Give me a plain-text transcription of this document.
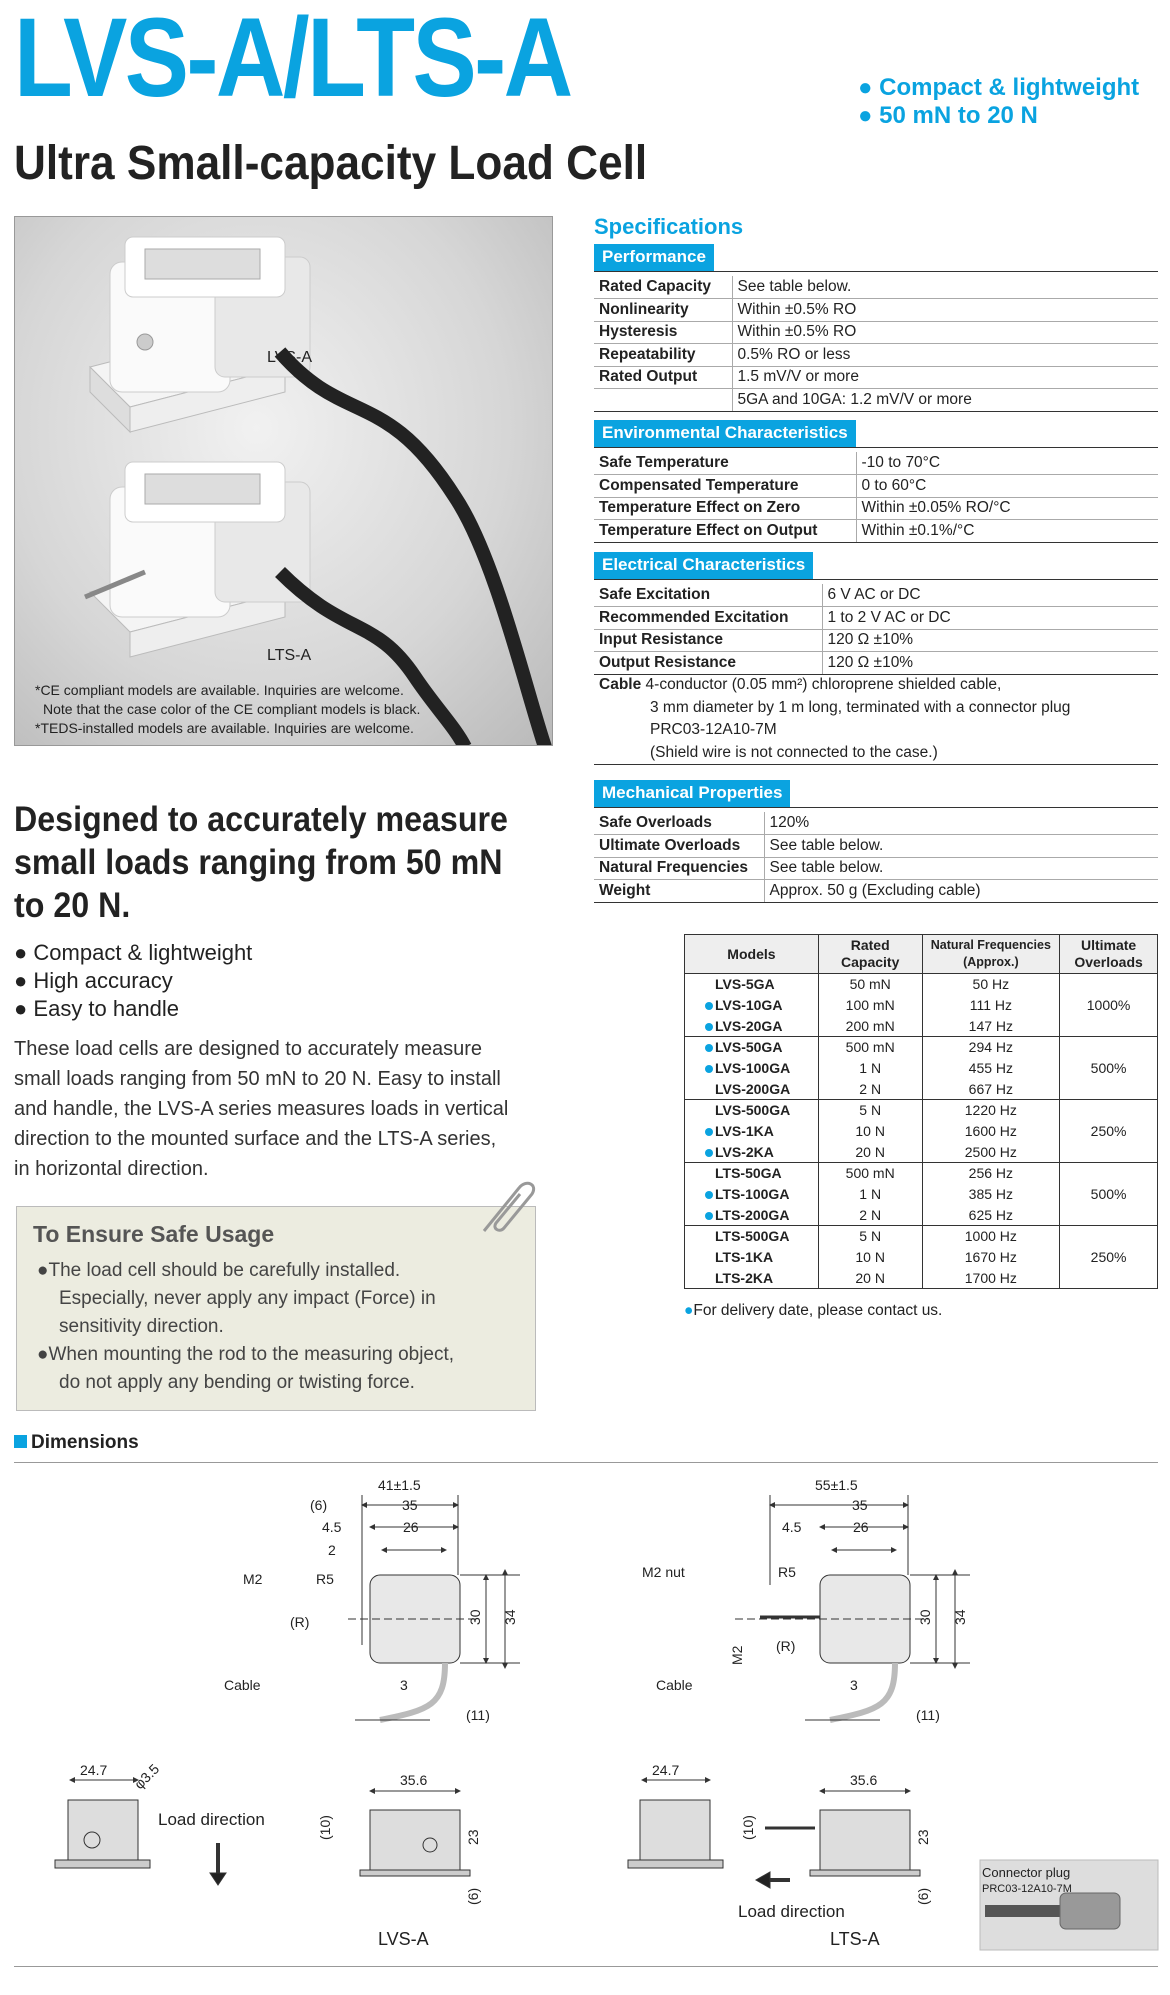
LVS-A/LTS-A
Ultra Small-capacity Load Cell
● Compact & lightweight
● 50 mN to 20 N
LVS-A
LTS-A
*CE compliant models are available. Inquiries are welcome.
Note that the case color of the CE compliant models is black.
*TEDS-installed models are available. Inquiries are welcome.
Designed to accurately measure
small loads ranging from 50 mN
to 20 N.
● Compact & lightweight
● High accuracy
● Easy to handle
These load cells are designed to accurately measure
small loads ranging from 50 mN to 20 N. Easy to install
and handle, the LVS-A series measures loads in vertical
direction to the mounted surface and the LTS-A series,
in horizontal direction.
To Ensure Safe Usage

●The load cell should be carefully installed.

Especially, never apply any impact (Force) in

sensitivity direction.

●When mounting the rod to the measuring object,

do not apply any bending or twisting force.

Specifications
Performance
Rated Capacity	See table below.
Nonlinearity	Within ±0.5% RO
Hysteresis	Within ±0.5% RO
Repeatability	0.5% RO or less
Rated Output	1.5 mV/V or more
	5GA and 10GA: 1.2 mV/V or more
Environmental Characteristics
Safe Temperature	-10 to 70°C
Compensated Temperature	0 to 60°C
Temperature Effect on Zero	Within ±0.05% RO/°C
Temperature Effect on Output	Within ±0.1%/°C
Electrical Characteristics
Safe Excitation	6 V AC or DC
Recommended Excitation	1 to 2 V AC or DC
Input Resistance	120 Ω ±10%
Output Resistance	120 Ω ±10%
Cable 4-conductor (0.05 mm²) chloroprene shielded cable,
3 mm diameter by 1 m long, terminated with a connector plug
PRC03-12A10-7M
(Shield wire is not connected to the case.)
Mechanical Properties
Safe Overloads	120%
Ultimate Overloads	See table below.
Natural Frequencies	See table below.
Weight	Approx. 50 g (Excluding cable)
Models	Rated Capacity	Natural Frequencies (Approx.)	Ultimate Overloads
LVS-5GA	50 mN	50 Hz	1000%
LVS-10GA	100 mN	111 Hz	
LVS-20GA	200 mN	147 Hz	
LVS-50GA	500 mN	294 Hz	500%
LVS-100GA	1 N	455 Hz	
LVS-200GA	2 N	667 Hz	
LVS-500GA	5 N	1220 Hz	250%
LVS-1KA	10 N	1600 Hz	
LVS-2KA	20 N	2500 Hz	
LTS-50GA	500 mN	256 Hz	500%
LTS-100GA	1 N	385 Hz	
LTS-200GA	2 N	625 Hz	
LTS-500GA	5 N	1000 Hz	250%
LTS-1KA	10 N	1670 Hz	
LTS-2KA	20 N	1700 Hz	
●For delivery date, please contact us.
Dimensions
41±1.5
(6)	35
4.5	26
2
M2	R5
(R)	30 34
Cable	3
(11)
24.7 φ3.5
Load direction
35.6
(10)	23
(6)
LVS-A
55±1.5
35
4.5	26
M2 nut	R5
(R)
M2
30 34
Cable	3
(11)
24.7
35.6
(10)	23
(6)
Load direction
LTS-A
Connector plug
PRC03-12A10-7M
